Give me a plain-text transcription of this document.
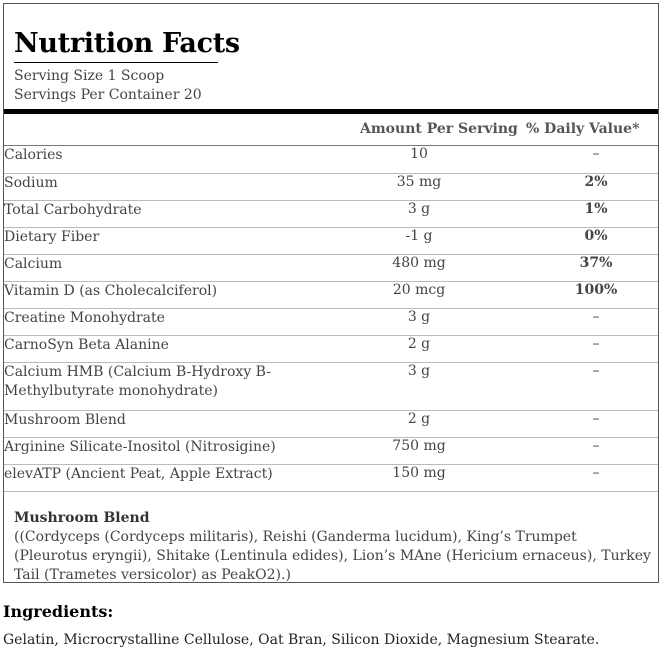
Nutrition Facts
Serving Size 1 Scoop
Servings Per Container 20
Amount Per Serving % Daily Value*
Calories	10	–
Sodium	35 mg	2%
Total Carbohydrate	3 g	1%
Dietary Fiber	-1 g	0%
Calcium	480 mg	37%
Vitamin D (as Cholecalciferol)	20 mcg	100%
Creatine Monohydrate	3 g	–
CarnoSyn Beta Alanine	2 g	–
Calcium HMB (Calcium B-Hydroxy B-Methylbutyrate monohydrate)	3 g	–
Mushroom Blend	2 g	–
Arginine Silicate-Inositol (Nitrosigine)	750 mg	–
elevATP (Ancient Peat, Apple Extract)	150 mg	–
Mushroom Blend
((Cordyceps (Cordyceps militaris), Reishi (Ganderma lucidum), King’s Trumpet (Pleurotus eryngii), Shitake (Lentinula edides), Lion’s MAne (Hericium ernaceus), Turkey Tail (Trametes versicolor) as PeakO2).)
Ingredients:
Gelatin, Microcrystalline Cellulose, Oat Bran, Silicon Dioxide, Magnesium Stearate.
